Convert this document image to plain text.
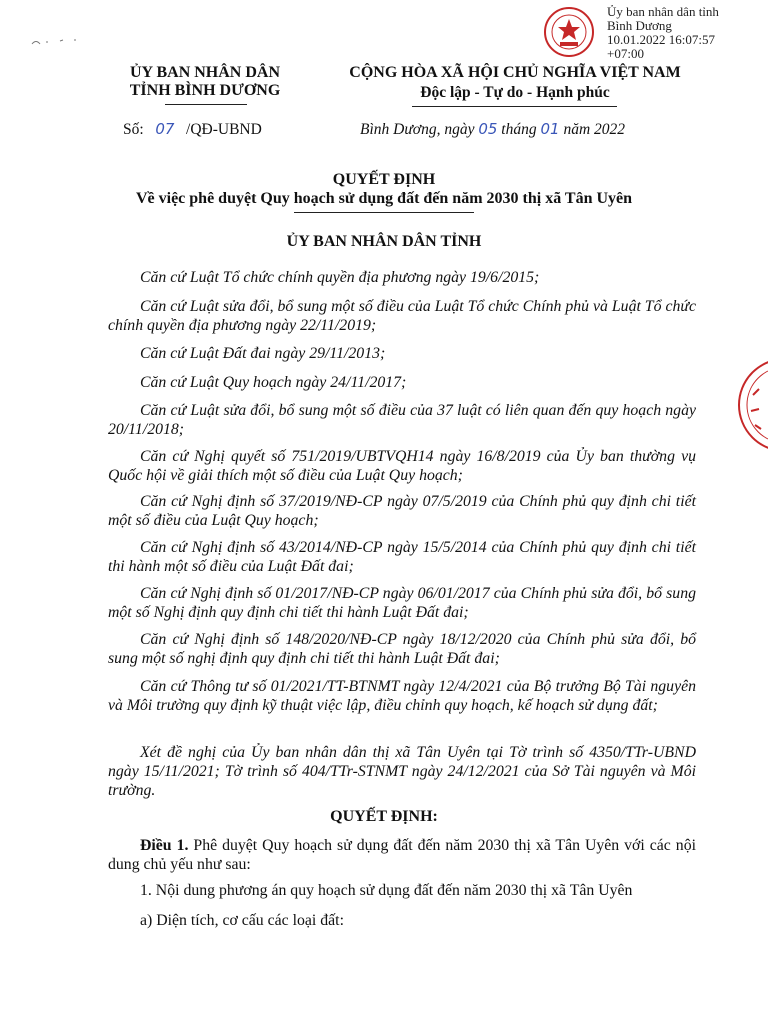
Ủy ban nhân dân tỉnh
Bình Dương
10.01.2022 16:07:57
+07:00
ỦY BAN NHÂN DÂN
TỈNH BÌNH DƯƠNG
CỘNG HÒA XÃ HỘI CHỦ NGHĨA VIỆT NAM
Độc lập - Tự do - Hạnh phúc
Số: 07 /QĐ-UBND	Bình Dương, ngày 05 tháng 01 năm 2022
QUYẾT ĐỊNH
Về việc phê duyệt Quy hoạch sử dụng đất đến năm 2030 thị xã Tân Uyên
ỦY BAN NHÂN DÂN TỈNH
Căn cứ Luật Tổ chức chính quyền địa phương ngày 19/6/2015;
Căn cứ Luật sửa đổi, bổ sung một số điều của Luật Tổ chức Chính phủ và Luật Tổ chức chính quyền địa phương ngày 22/11/2019;
Căn cứ Luật Đất đai ngày 29/11/2013;
Căn cứ Luật Quy hoạch ngày 24/11/2017;
Căn cứ Luật sửa đổi, bổ sung một số điều của 37 luật có liên quan đến quy hoạch ngày 20/11/2018;
Căn cứ Nghị quyết số 751/2019/UBTVQH14 ngày 16/8/2019 của Ủy ban thường vụ Quốc hội về giải thích một số điều của Luật Quy hoạch;
Căn cứ Nghị định số 37/2019/NĐ-CP ngày 07/5/2019 của Chính phủ quy định chi tiết một số điều của Luật Quy hoạch;
Căn cứ Nghị định số 43/2014/NĐ-CP ngày 15/5/2014 của Chính phủ quy định chi tiết thi hành một số điều của Luật Đất đai;
Căn cứ Nghị định số 01/2017/NĐ-CP ngày 06/01/2017 của Chính phủ sửa đổi, bổ sung một số Nghị định quy định chi tiết thi hành Luật Đất đai;
Căn cứ Nghị định số 148/2020/NĐ-CP ngày 18/12/2020 của Chính phủ sửa đổi, bổ sung một số nghị định quy định chi tiết thi hành Luật Đất đai;
Căn cứ Thông tư số 01/2021/TT-BTNMT ngày 12/4/2021 của Bộ trưởng Bộ Tài nguyên và Môi trường quy định kỹ thuật việc lập, điều chỉnh quy hoạch, kế hoạch sử dụng đất;
Xét đề nghị của Ủy ban nhân dân thị xã Tân Uyên tại Tờ trình số 4350/TTr-UBND ngày 15/11/2021; Tờ trình số 404/TTr-STNMT ngày 24/12/2021 của Sở Tài nguyên và Môi trường.
QUYẾT ĐỊNH:
Điều 1. Phê duyệt Quy hoạch sử dụng đất đến năm 2030 thị xã Tân Uyên với các nội dung chủ yếu như sau:
1. Nội dung phương án quy hoạch sử dụng đất đến năm 2030 thị xã Tân Uyên
a) Diện tích, cơ cấu các loại đất:
